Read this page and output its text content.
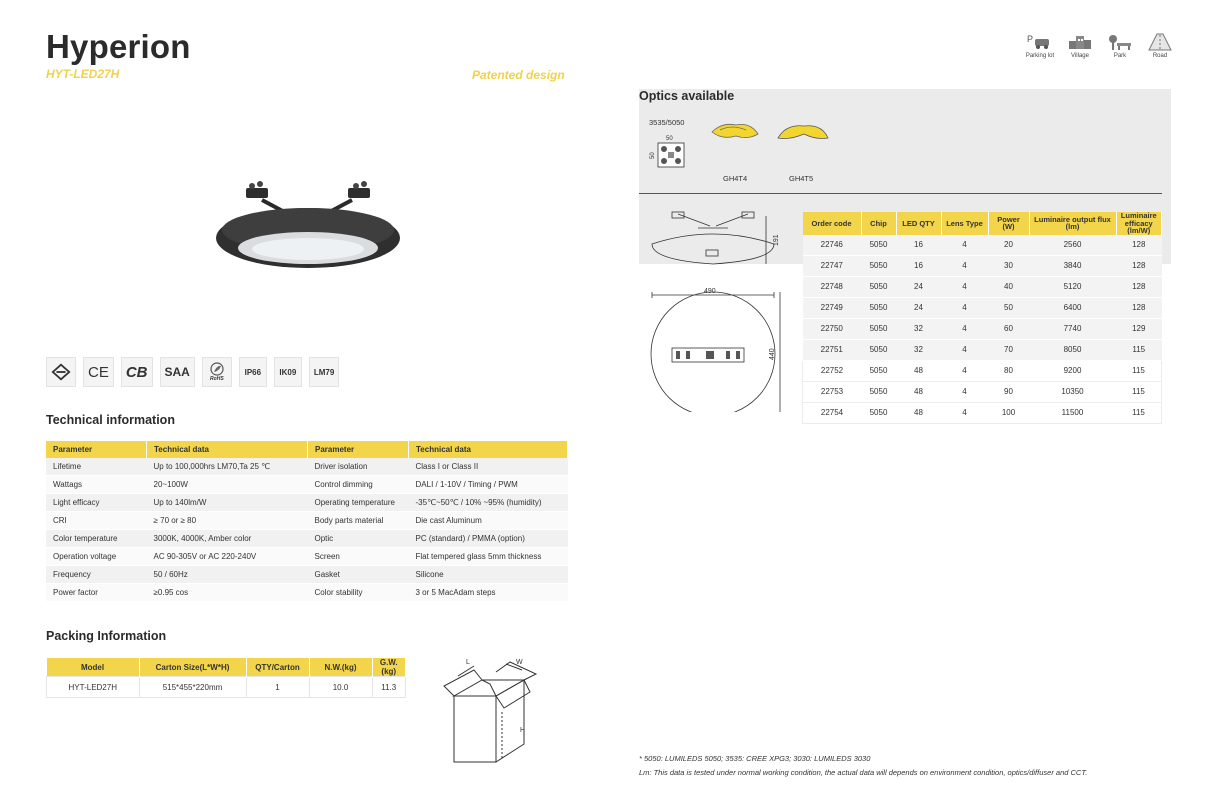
Hyperion
HYT-LED27H	Patented design
P
Parking lot	Village	Park	Road
CE	CB	SAA	RoHS
IP66	IK09	LM79
Technical information
Parameter	Technical data	Parameter	Technical data
Lifetime	Up to 100,000hrs LM70,Ta 25 ℃	Driver isolation	Class I or Class II
Wattags	20~100W	Control dimming	DALI / 1-10V / Timing / PWM
Light efficacy	Up to 140lm/W	Operating temperature	-35℃~50℃ / 10% ~95% (humidity)
CRI	≥ 70 or ≥ 80	Body parts material	Die cast Aluminum
Color temperature	3000K, 4000K, Amber color	Optic	PC (standard) / PMMA (option)
Operation voltage	AC 90-305V or AC 220-240V	Screen	Flat tempered glass 5mm thickness
Frequency	50 / 60Hz	Gasket	Silicone
Power factor	≥0.95 cos	Color stability	3 or 5 MacAdam steps
Packing Information
Model	Carton Size(L*W*H)	QTY/Carton	N.W.(kg)	G.W.(kg)
HYT-LED27H	515*455*220mm	1	10.0	11.3
L	W
H
Optics available
3535/5050
50
50
GH4T4	GH4T5
191
490
440
Order code	Chip	LED QTY	Lens Type	Power (W)	Luminaire output flux (lm)	Luminaire efficacy (lm/W)
22746	5050	16	4	20	2560	128
22747	5050	16	4	30	3840	128
22748	5050	24	4	40	5120	128
22749	5050	24	4	50	6400	128
22750	5050	32	4	60	7740	129
22751	5050	32	4	70	8050	115
22752	5050	48	4	80	9200	115
22753	5050	48	4	90	10350	115
22754	5050	48	4	100	11500	115
* 5050: LUMILEDS 5050; 3535: CREE XPG3; 3030: LUMILEDS 3030
Lm: This data is tested under normal working condition, the actual data will depends on environment condition, optics/diffuser and CCT.
